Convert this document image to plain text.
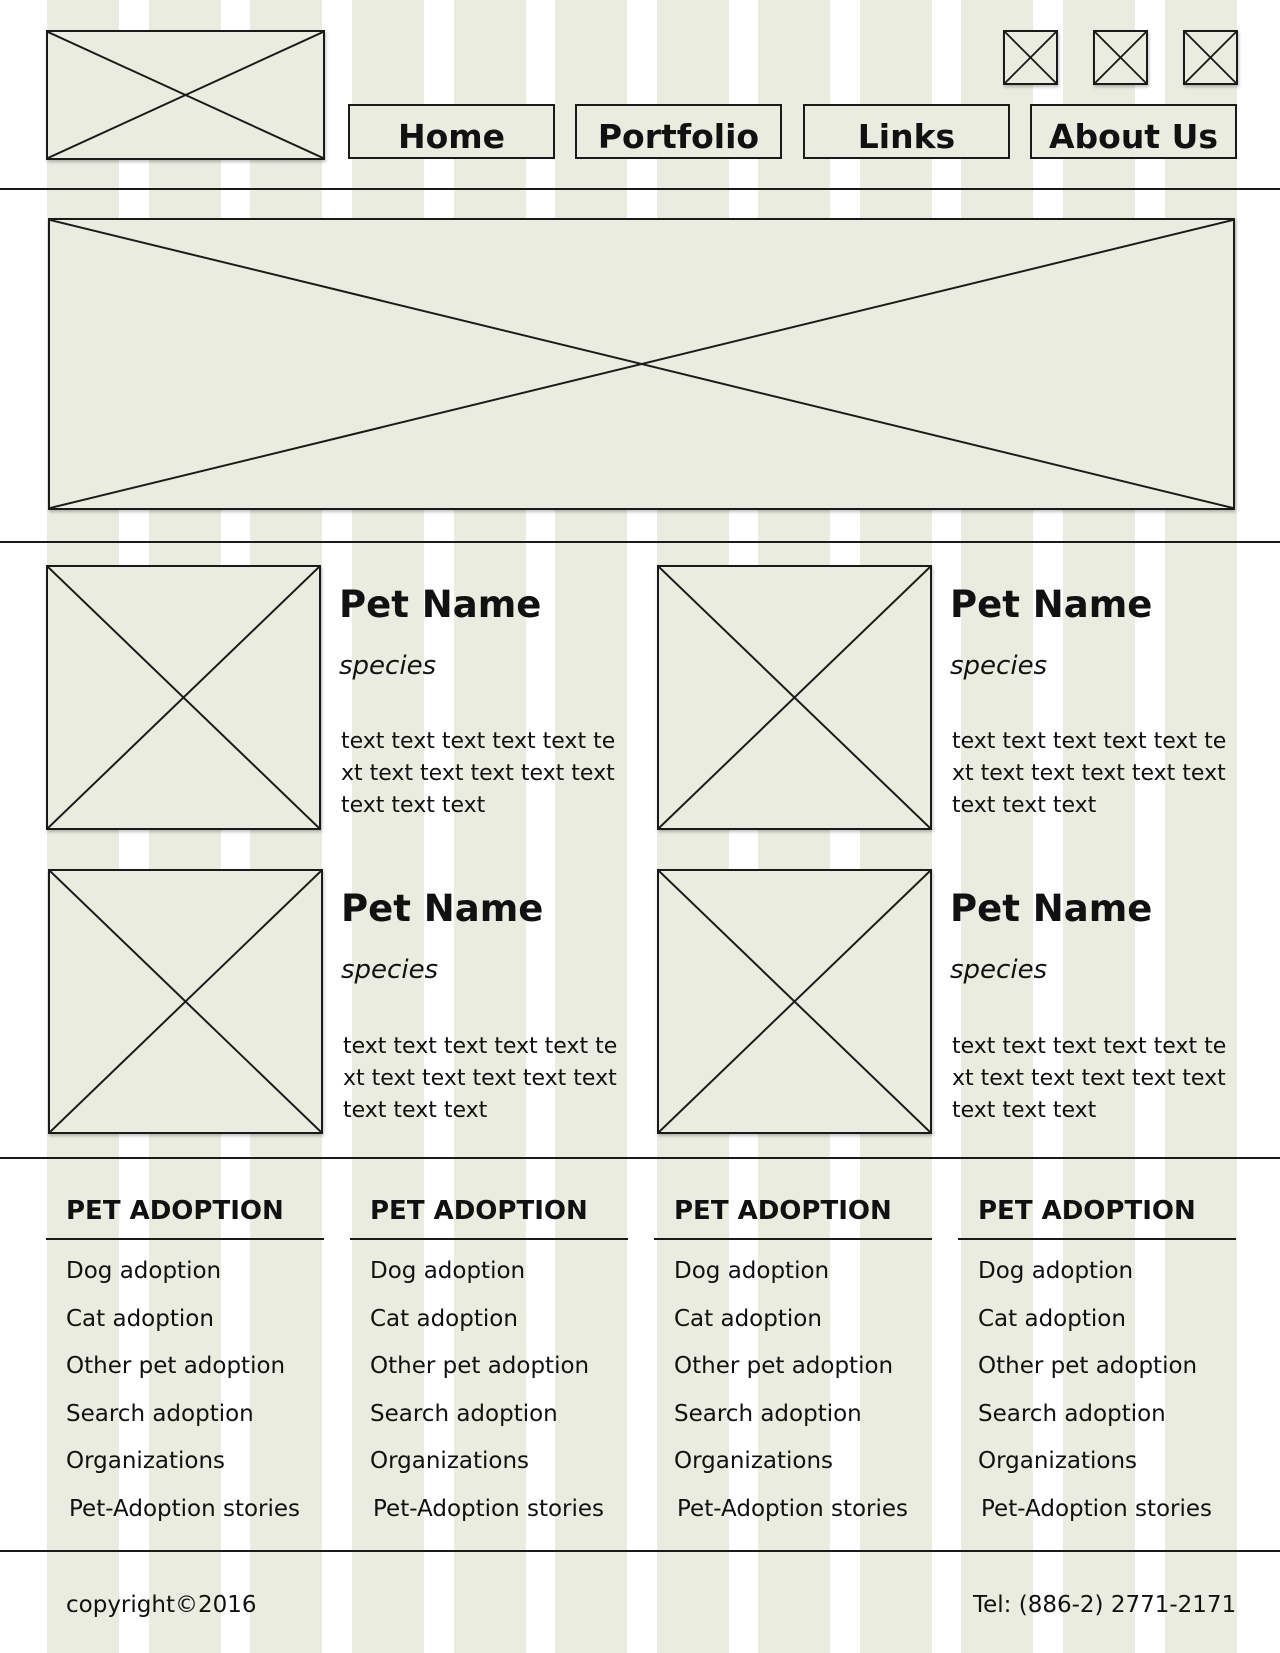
Home	Portfolio	Links	About Us
Pet Name
species
text text text text text text text text text text text text text text
Pet Name
species
text text text text text text text text text text text text text text
Pet Name
species
text text text text text text text text text text text text text text
Pet Name
species
text text text text text text text text text text text text text text
PET ADOPTION
Dog adoption
Cat adoption
Other pet adoption
Search adoption
Organizations
Pet-Adoption stories
PET ADOPTION
Dog adoption
Cat adoption
Other pet adoption
Search adoption
Organizations
Pet-Adoption stories
PET ADOPTION
Dog adoption
Cat adoption
Other pet adoption
Search adoption
Organizations
Pet-Adoption stories
PET ADOPTION
Dog adoption
Cat adoption
Other pet adoption
Search adoption
Organizations
Pet-Adoption stories
copyright©2016	Tel: (886-2) 2771-2171
